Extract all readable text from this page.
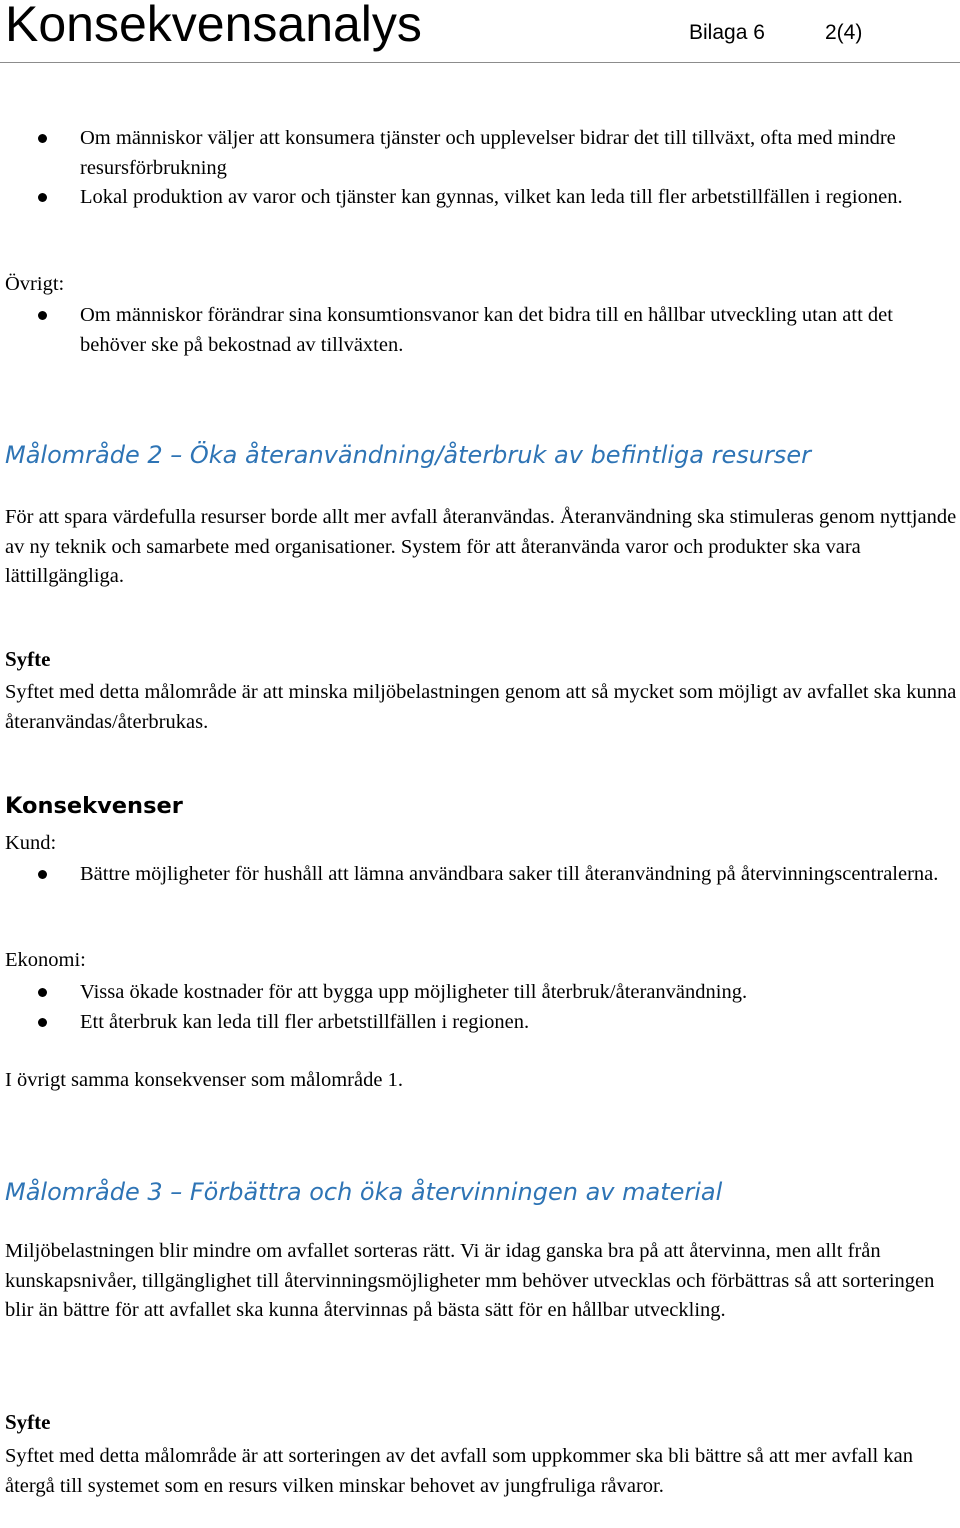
Konsekvensanalys	Bilaga 6	2(4)
Om människor väljer att konsumera tjänster och upplevelser bidrar det till tillväxt, ofta med mindre resursförbrukning
Lokal produktion av varor och tjänster kan gynnas, vilket kan leda till fler arbetstillfällen i regionen.

Övrigt:

Om människor förändrar sina konsumtionsvanor kan det bidra till en hållbar utveckling utan att det behöver ske på bekostnad av tillväxten.
Målområde 2 – Öka återanvändning/återbruk av befintliga resurser

För att spara värdefulla resurser borde allt mer avfall återanvändas. Återanvändning ska stimuleras genom nyttjande av ny teknik och samarbete med organisationer. System för att återanvända varor och produkter ska vara lättillgängliga.

Syfte

Syftet med detta målområde är att minska miljöbelastningen genom att så mycket som möjligt av avfallet ska kunna återanvändas/återbrukas.

Konsekvenser

Kund:

Bättre möjligheter för hushåll att lämna användbara saker till återanvändning på återvinningscentralerna.

Ekonomi:

Vissa ökade kostnader för att bygga upp möjligheter till återbruk/återanvändning.
Ett återbruk kan leda till fler arbetstillfällen i regionen.

I övrigt samma konsekvenser som målområde 1.

Målområde 3 – Förbättra och öka återvinningen av material

Miljöbelastningen blir mindre om avfallet sorteras rätt. Vi är idag ganska bra på att återvinna, men allt från kunskapsnivåer, tillgänglighet till återvinningsmöjligheter mm behöver utvecklas och förbättras så att sorteringen blir än bättre för att avfallet ska kunna återvinnas på bästa sätt för en hållbar utveckling.

Syfte

Syftet med detta målområde är att sorteringen av det avfall som uppkommer ska bli bättre så att mer avfall kan återgå till systemet som en resurs vilken minskar behovet av jungfruliga råvaror.
